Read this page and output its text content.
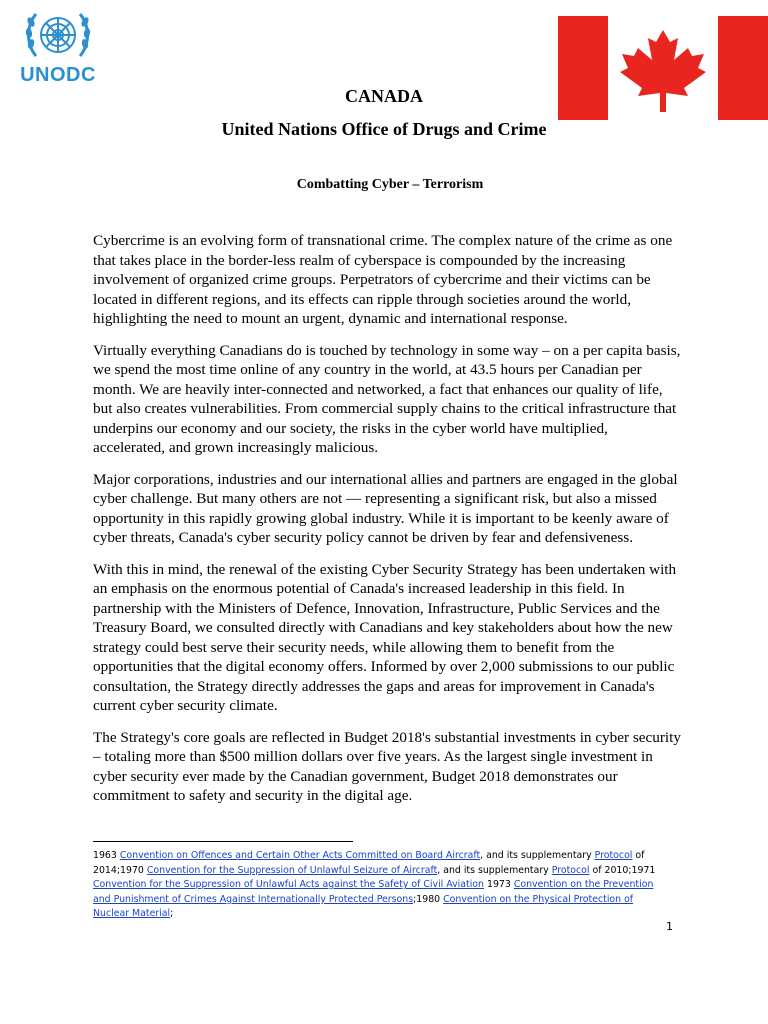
UNODC
CANADA
United Nations Office of Drugs and Crime
Combatting Cyber – Terrorism

Cybercrime is an evolving form of transnational crime. The complex nature of the crime as one that takes place in the border-less realm of cyberspace is compounded by the increasing involvement of organized crime groups. Perpetrators of cybercrime and their victims can be located in different regions, and its effects can ripple through societies around the world, highlighting the need to mount an urgent, dynamic and international response.

Virtually everything Canadians do is touched by technology in some way – on a per capita basis, we spend the most time online of any country in the world, at 43.5 hours per Canadian per month. We are heavily inter-connected and networked, a fact that enhances our quality of life, but also creates vulnerabilities. From commercial supply chains to the critical infrastructure that underpins our economy and our society, the risks in the cyber world have multiplied, accelerated, and grown increasingly malicious.

Major corporations, industries and our international allies and partners are engaged in the global cyber challenge. But many others are not — representing a significant risk, but also a missed opportunity in this rapidly growing global industry. While it is important to be keenly aware of cyber threats, Canada's cyber security policy cannot be driven by fear and defensiveness.

With this in mind, the renewal of the existing Cyber Security Strategy has been undertaken with an emphasis on the enormous potential of Canada's increased leadership in this field. In partnership with the Ministers of Defence, Innovation, Infrastructure, Public Services and the Treasury Board, we consulted directly with Canadians and key stakeholders about how the new strategy could best serve their security needs, while allowing them to benefit from the opportunities that the digital economy offers. Informed by over 2,000 submissions to our public consultation, the Strategy directly addresses the gaps and areas for improvement in Canada's current cyber security climate.

The Strategy's core goals are reflected in Budget 2018's substantial investments in cyber security – totaling more than $500 million dollars over five years. As the largest single investment in cyber security ever made by the Canadian government, Budget 2018 demonstrates our commitment to safety and security in the digital age.

1963 Convention on Offences and Certain Other Acts Committed on Board Aircraft, and its supplementary Protocol of 2014;1970 Convention for the Suppression of Unlawful Seizure of Aircraft, and its supplementary Protocol of 2010;1971 Convention for the Suppression of Unlawful Acts against the Safety of Civil Aviation 1973 Convention on the Prevention and Punishment of Crimes Against Internationally Protected Persons;1980 Convention on the Physical Protection of Nuclear Material;
1
